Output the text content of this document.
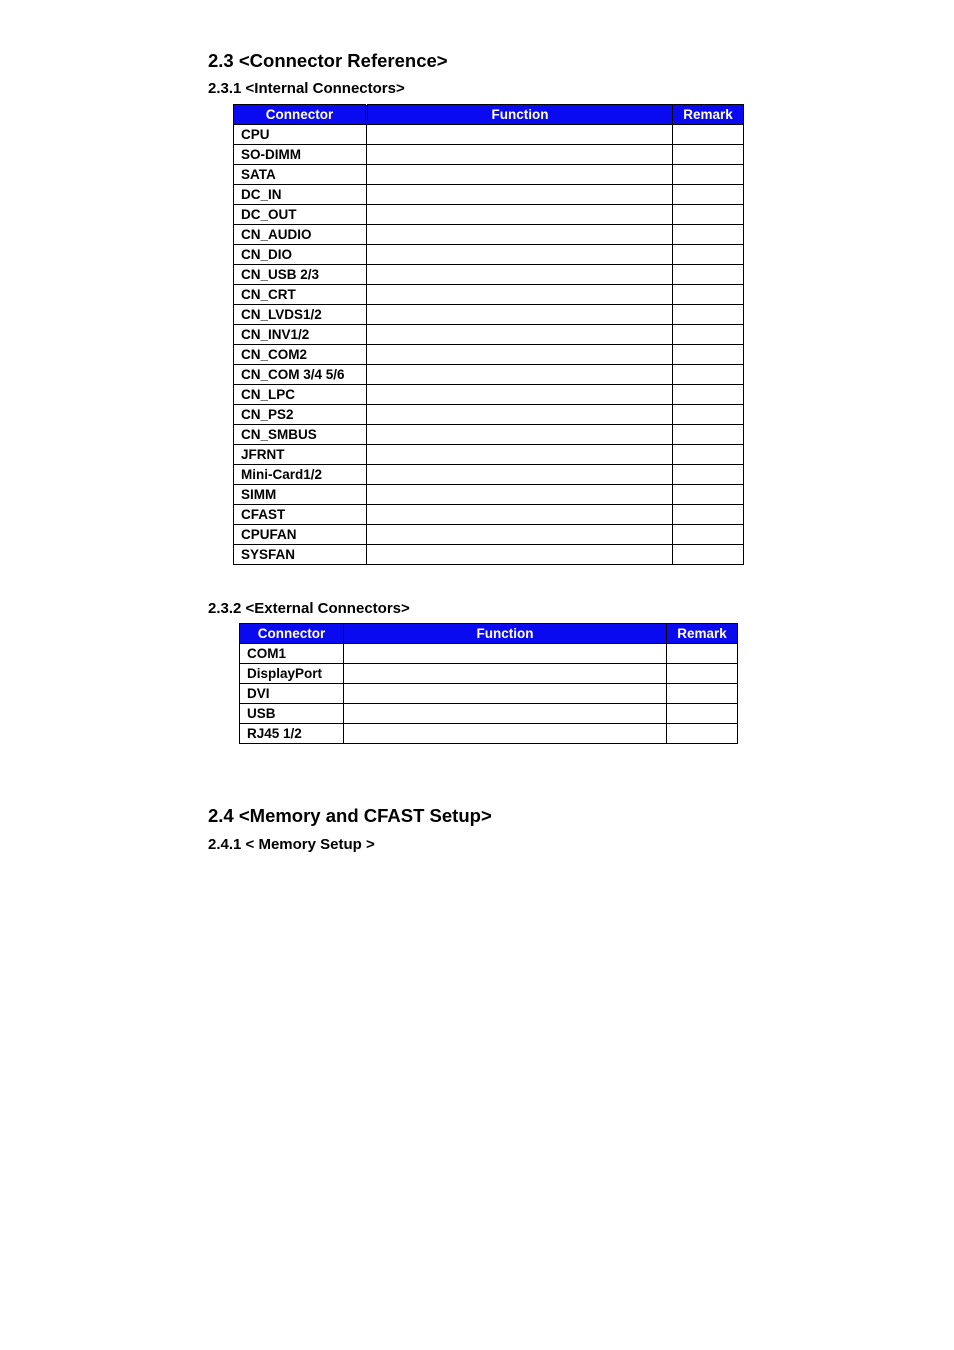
2.3 <Connector Reference>
2.3.1 <Internal Connectors>
Connector	Function	Remark
CPU		
SO-DIMM		
SATA		
DC_IN		
DC_OUT		
CN_AUDIO		
CN_DIO		
CN_USB 2/3		
CN_CRT		
CN_LVDS1/2		
CN_INV1/2		
CN_COM2		
CN_COM 3/4 5/6		
CN_LPC		
CN_PS2		
CN_SMBUS		
JFRNT		
Mini-Card1/2		
SIMM		
CFAST		
CPUFAN		
SYSFAN		
2.3.2 <External Connectors>
Connector	Function	Remark
COM1		
DisplayPort		
DVI		
USB		
RJ45 1/2		
2.4 <Memory and CFAST Setup>
2.4.1 < Memory Setup >
